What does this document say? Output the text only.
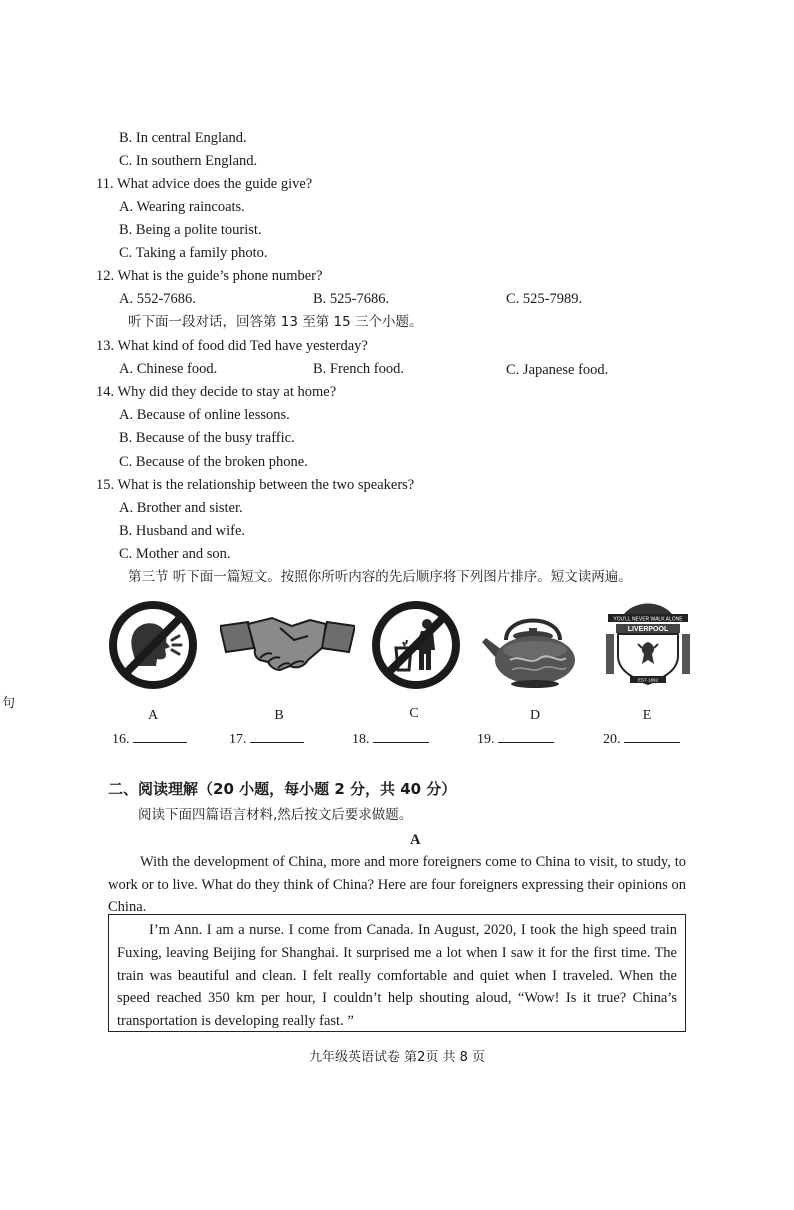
B. In central England.
C. In southern England.
11. What advice does the guide give?
A. Wearing raincoats.
B. Being a polite tourist.
C. Taking a family photo.
12. What is the guide’s phone number?
A. 552-7686.	B. 525-7686.	C. 525-7989.
听下面一段对话，回答第 13 至第 15 三个小题。
13. What kind of food did Ted have yesterday?
A. Chinese food.	B. French food.	C. Japanese food.
14. Why did they decide to stay at home?
A. Because of online lessons.
B. Because of the busy traffic.
C. Because of the broken phone.
15. What is the relationship between the two speakers?
A. Brother and sister.
B. Husband and wife.
C. Mother and son.
第三节 听下面一篇短文。按照你所听内容的先后顺序将下列图片排序。短文读两遍。
句
YOU'LL NEVER WALK ALONE
LIVERPOOL
EST·1892
A	B	C	D	E
16.	17.	18.	19.	20.
二、阅读理解（20 小题，每小题 2 分，共 40 分）
阅读下面四篇语言材料,然后按文后要求做题。
A
With the development of China, more and more foreigners come to China to visit, to study, to work or to live. What do they think of China? Here are four foreigners expressing their opinions on China.
I’m Ann. I am a nurse. I come from Canada. In August, 2020, I took the high speed train Fuxing, leaving Beijing for Shanghai. It surprised me a lot when I saw it for the first time. The train was beautiful and clean. I felt really comfortable and quiet when I traveled. When the speed reached 350 km per hour, I couldn’t help shouting aloud, “Wow! Is it true? China’s transportation is developing really fast. ”
九年级英语试卷 第2页 共 8 页
